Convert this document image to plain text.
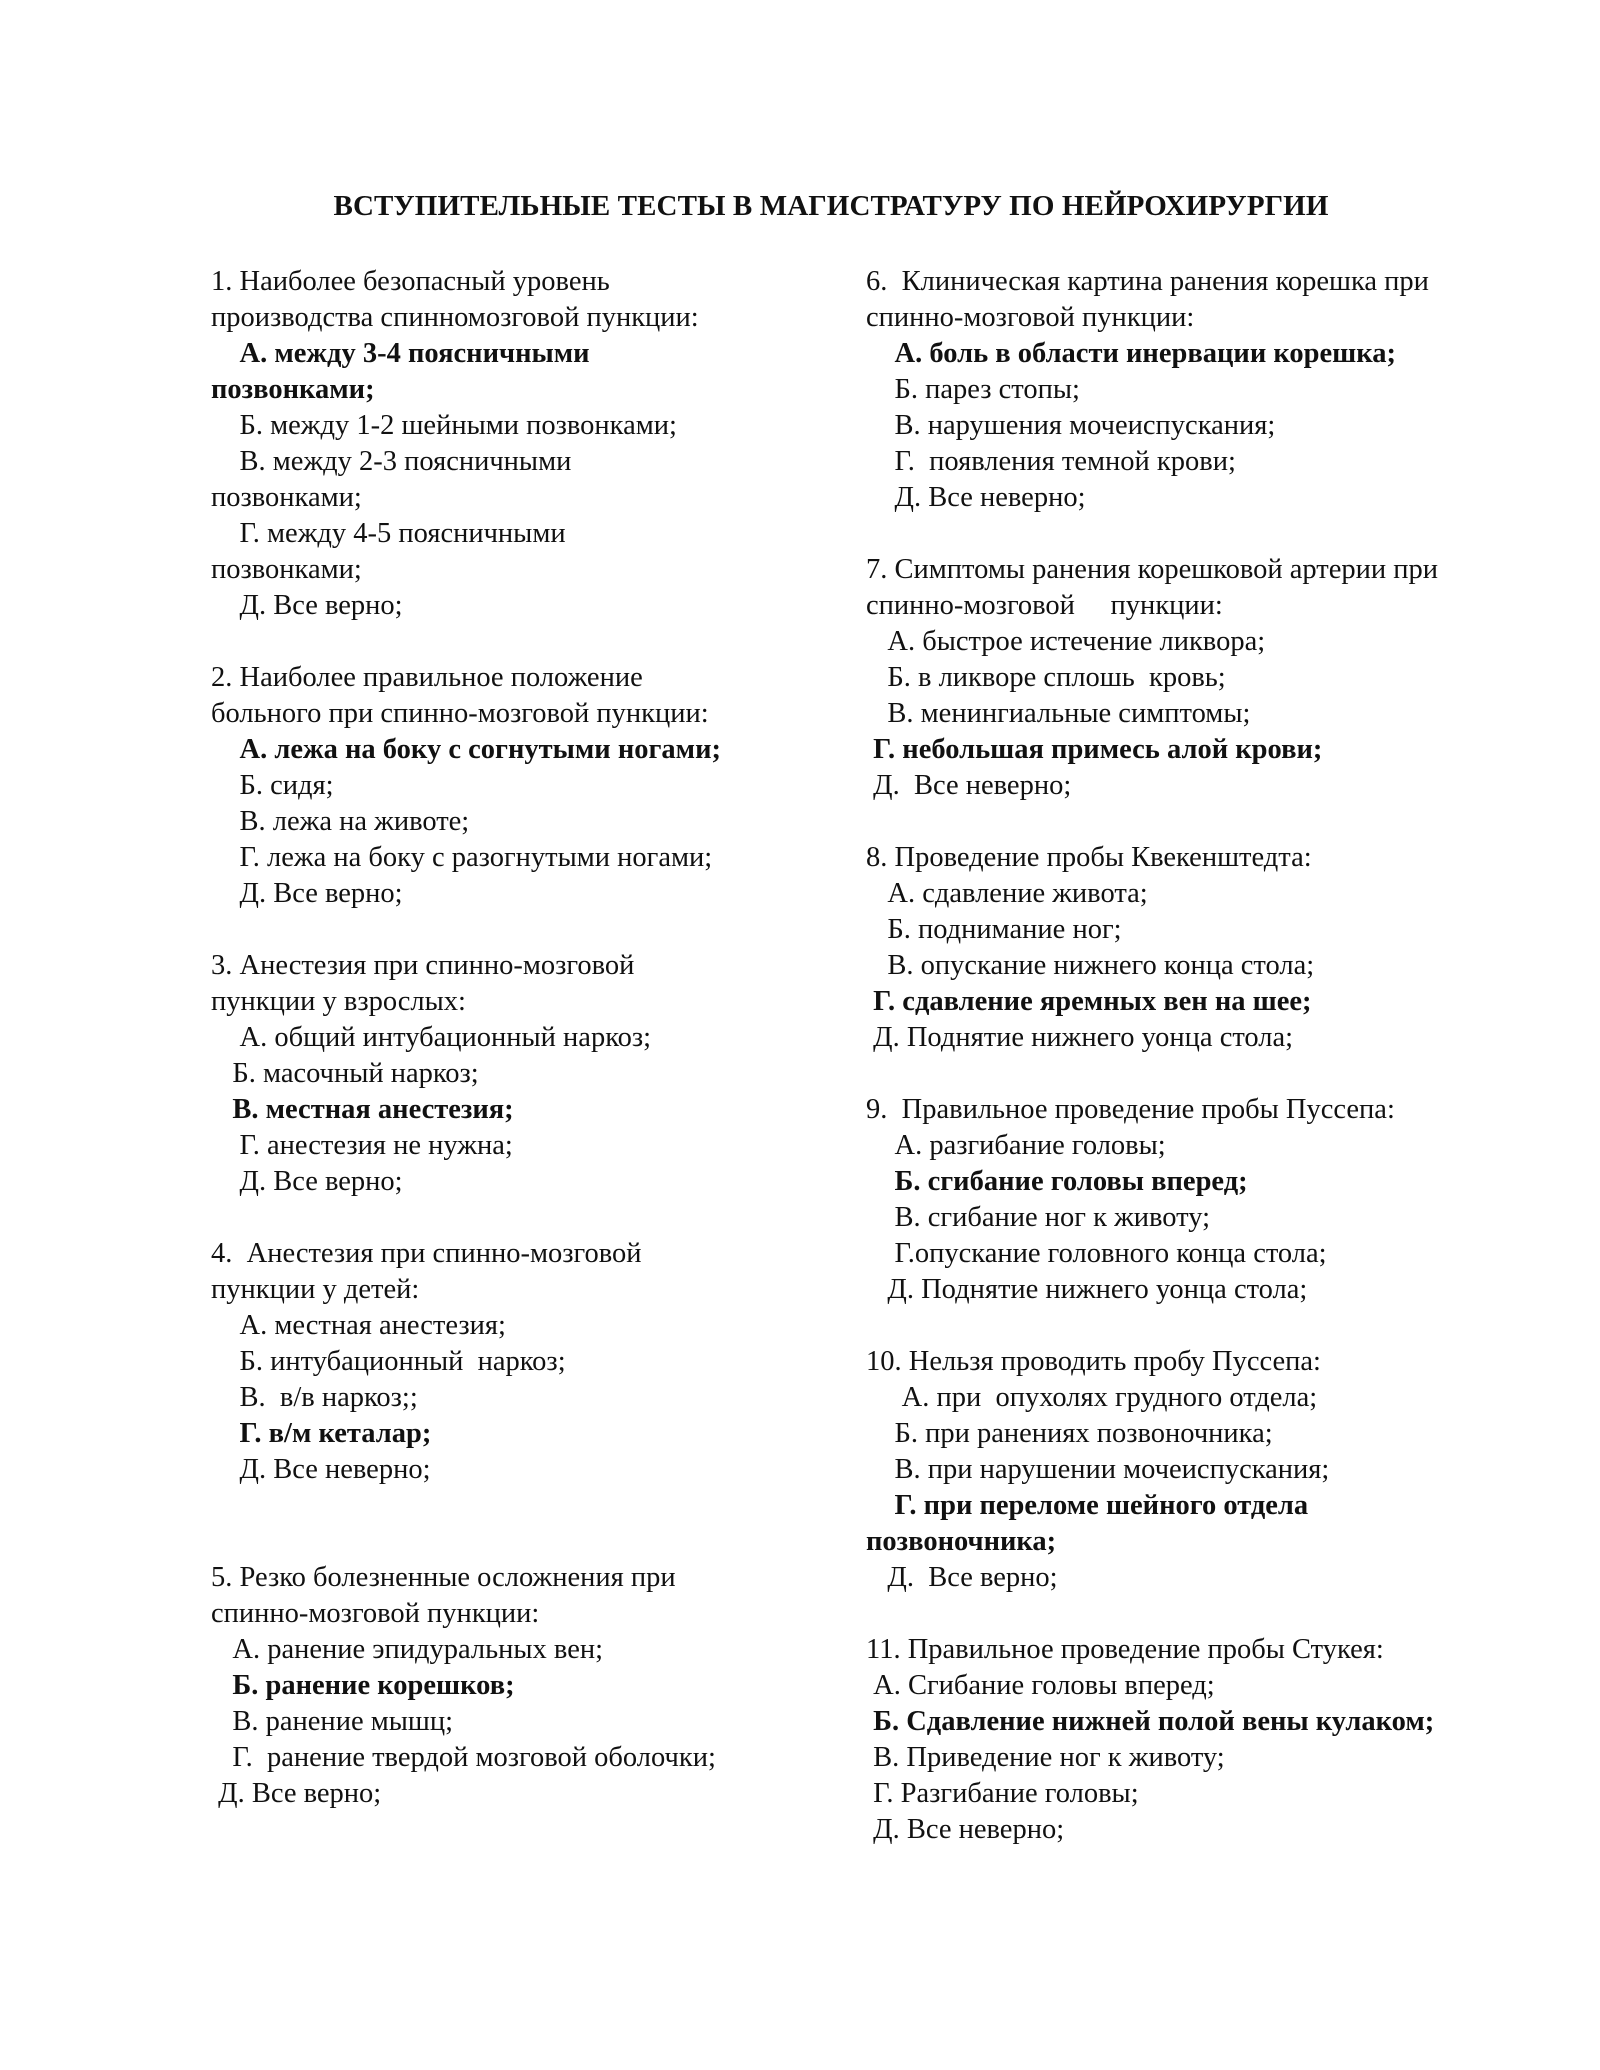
ВСТУПИТЕЛЬНЫЕ ТЕСТЫ В МАГИСТРАТУРУ ПО НЕЙРОХИРУРГИИ
1. Наиболее безопасный уровень
производства спинномозговой пункции:
А. между 3-4 поясничными
позвонками;
Б. между 1-2 шейными позвонками;
В. между 2-3 поясничными
позвонками;
Г. между 4-5 поясничными
позвонками;
Д. Все верно;
2. Наиболее правильное положение
больного при спинно-мозговой пункции:
А. лежа на боку с согнутыми ногами;
Б. сидя;
В. лежа на животе;
Г. лежа на боку с разогнутыми ногами;
Д. Все верно;
3. Анестезия при спинно-мозговой
пункции у взрослых:
А. общий интубационный наркоз;
Б. масочный наркоз;
В. местная анестезия;
Г. анестезия не нужна;
Д. Все верно;
4.  Анестезия при спинно-мозговой
пункции у детей:
А. местная анестезия;
Б. интубационный  наркоз;
В.  в/в наркоз;;
Г. в/м кеталар;
Д. Все неверно;
5. Резко болезненные осложнения при
спинно-мозговой пункции:
А. ранение эпидуральных вен;
Б. ранение корешков;
В. ранение мышц;
Г.  ранение твердой мозговой оболочки;
Д. Все верно;
6.  Клиническая картина ранения корешка при
спинно-мозговой пункции:
А. боль в области инервации корешка;
Б. парез стопы;
В. нарушения мочеиспускания;
Г.  появления темной крови;
Д. Все неверно;
7. Симптомы ранения корешковой артерии при
спинно-мозговой     пункции:
А. быстрое истечение ликвора;
Б. в ликворе сплошь  кровь;
В. менингиальные симптомы;
Г. небольшая примесь алой крови;
Д.  Все неверно;
8. Проведение пробы Квекенштедта:
А. сдавление живота;
Б. поднимание ног;
В. опускание нижнего конца стола;
Г. сдавление яремных вен на шее;
Д. Поднятие нижнего уонца стола;
9.  Правильное проведение пробы Пуссепа:
А. разгибание головы;
Б. сгибание головы вперед;
В. сгибание ног к животу;
Г.опускание головного конца стола;
Д. Поднятие нижнего уонца стола;
10. Нельзя проводить пробу Пуссепа:
А. при  опухолях грудного отдела;
Б. при ранениях позвоночника;
В. при нарушении мочеиспускания;
Г. при переломе шейного отдела
позвоночника;
Д.  Все верно;
11. Правильное проведение пробы Стукея:
А. Сгибание головы вперед;
Б. Сдавление нижней полой вены кулаком;
В. Приведение ног к животу;
Г. Разгибание головы;
Д. Все неверно;
